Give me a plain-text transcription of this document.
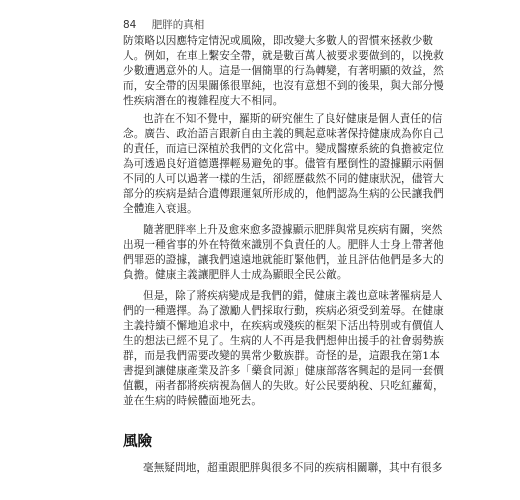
84 肥胖的真相
防策略以因應特定情況或風險，即改變大多數人的習慣來拯救少數
人。例如，在車上繫安全帶，就是數百萬人被要求要做到的，以挽救
少數遭遇意外的人。這是一個簡單的行為轉變，有著明顯的效益，然
而，安全帶的因果關係很單純，也沒有意想不到的後果，與大部分慢
性疾病潛在的複雜程度大不相同。
也許在不知不覺中，羅斯的研究催生了良好健康是個人責任的信
念。廣告、政治語言跟新自由主義的興起意味著保持健康成為你自己
的責任，而這已深植於我們的文化當中。變成醫療系統的負擔被定位
為可透過良好道德選擇輕易避免的事。儘管有壓倒性的證據顯示兩個
不同的人可以過著一樣的生活，卻經歷截然不同的健康狀況，儘管大
部分的疾病是結合遺傳跟運氣所形成的，他們認為生病的公民讓我們
全體進入衰退。
隨著肥胖率上升及愈來愈多證據顯示肥胖與常見疾病有關，突然
出現一種省事的外在特徵來識別不負責任的人。肥胖人士身上帶著他
們罪惡的證據，讓我們遠遠地就能盯緊他們，並且評估他們是多大的
負擔。健康主義讓肥胖人士成為顯眼全民公敵。
但是，除了將疾病變成是我們的錯，健康主義也意味著罹病是人
們的一種選擇。為了激勵人們採取行動，疾病必須受到羞辱。在健康
主義持續不懈地追求中，在疾病或殘疾的框架下活出特別或有價值人
生的想法已經不見了。生病的人不再是我們想伸出援手的社會弱勢族
群，而是我們需要改變的異常少數族群。奇怪的是，這跟我在第1本
書提到讓健康產業及許多「藥食同源」健康部落客興起的是同一套價
值觀，兩者都將疾病視為個人的失敗。好公民要納稅、只吃紅蘿蔔，
並在生病的時候體面地死去。
風險
毫無疑問地，超重跟肥胖與很多不同的疾病相關聯，其中有很多
